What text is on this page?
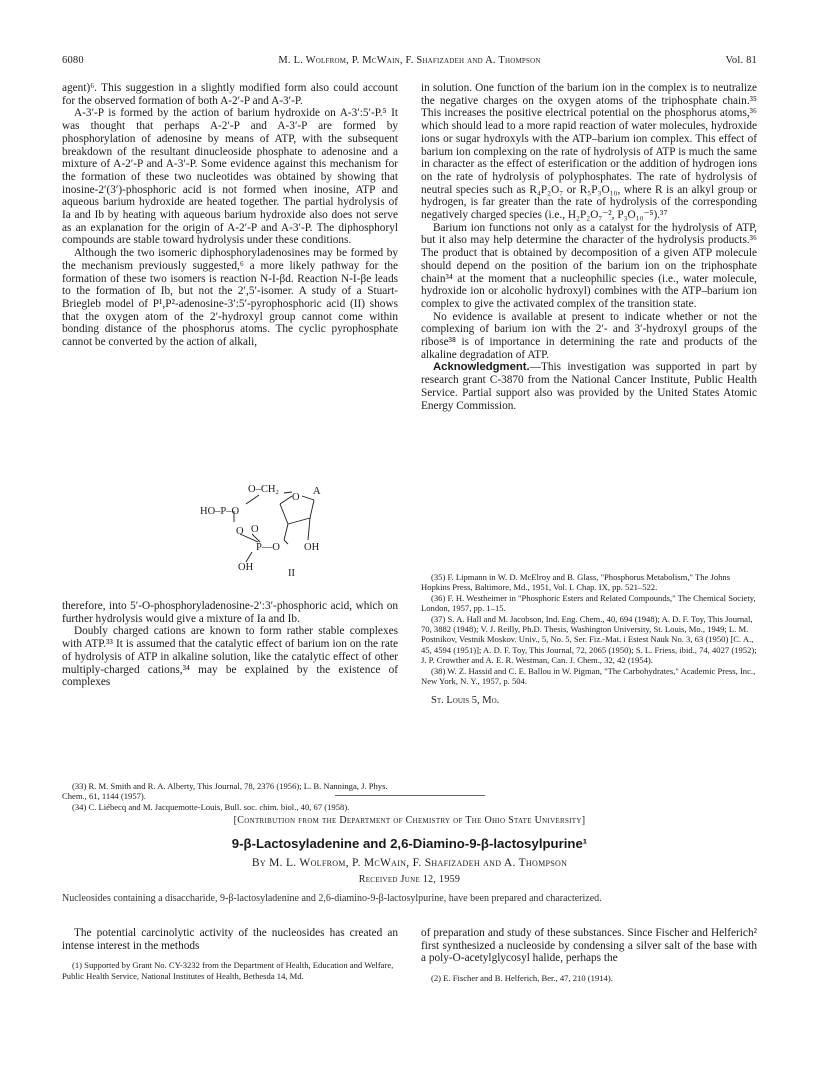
6080	M. L. Wolfrom, P. McWain, F. Shafizadeh and A. Thompson	Vol. 81

agent)⁶. This suggestion in a slightly modified form also could account for the observed formation of both A-2′-P and A-3′-P.

A-3′-P is formed by the action of barium hydroxide on A-3′:5′-P.⁵ It was thought that perhaps A-2′-P and A-3′-P are formed by phosphorylation of adenosine by means of ATP, with the subsequent breakdown of the resultant dinucleoside phosphate to adenosine and a mixture of A-2′-P and A-3′-P. Some evidence against this mechanism for the formation of these two nucleotides was obtained by showing that inosine-2′(3′)-phosphoric acid is not formed when inosine, ATP and aqueous barium hydroxide are heated together. The partial hydrolysis of Ia and Ib by heating with aqueous barium hydroxide also does not serve as an explanation for the origin of A-2′-P and A-3′-P. The diphosphoryl compounds are stable toward hydrolysis under these conditions.

Although the two isomeric diphosphoryladenosines may be formed by the mechanism previously suggested,⁶ a more likely pathway for the formation of these two isomers is reaction N-I-βd. Reaction N-I-βe leads to the formation of Ib, but not the 2′,5′-isomer. A study of a Stuart-Briegleb model of P¹,P²-adenosine-3′:5′-pyrophosphoric acid (II) shows that the oxygen atom of the 2′-hydroxyl group cannot come within bonding distance of the phosphorus atoms. The cyclic pyrophosphate cannot be converted by the action of alkali,

O–CH₂
O
A
HO–P–O
O O
P—O OH
OH
II

therefore, into 5′-O-phosphoryladenosine-2′:3′-phosphoric acid, which on further hydrolysis would give a mixture of Ia and Ib.

Doubly charged cations are known to form rather stable complexes with ATP.³³ It is assumed that the catalytic effect of barium ion on the rate of hydrolysis of ATP in alkaline solution, like the catalytic effect of other multiply-charged cations,³⁴ may be explained by the existence of complexes

(33) R. M. Smith and R. A. Alberty, This Journal, 78, 2376 (1956); L. B. Nanninga, J. Phys. Chem., 61, 1144 (1957).

(34) C. Liébecq and M. Jacquemotte-Louis, Bull. soc. chim. biol., 40, 67 (1958).

in solution. One function of the barium ion in the complex is to neutralize the negative charges on the oxygen atoms of the triphosphate chain.³⁵ This increases the positive electrical potential on the phosphorus atoms,³⁶ which should lead to a more rapid reaction of water molecules, hydroxide ions or sugar hydroxyls with the ATP–barium ion complex. This effect of barium ion complexing on the rate of hydrolysis of ATP is much the same in character as the effect of esterification or the addition of hydrogen ions on the rate of hydrolysis of polyphosphates. The rate of hydrolysis of neutral species such as R₄P₂O₇ or R₅P₃O₁₀, where R is an alkyl group or hydrogen, is far greater than the rate of hydrolysis of the corresponding negatively charged species (i.e., H₂P₂O₇⁻², P₃O₁₀⁻⁵).³⁷

Barium ion functions not only as a catalyst for the hydrolysis of ATP, but it also may help determine the character of the hydrolysis products.³⁶ The product that is obtained by decomposition of a given ATP molecule should depend on the position of the barium ion on the triphosphate chain³⁴ at the moment that a nucleophilic species (i.e., water molecule, hydroxide ion or alcoholic hydroxyl) combines with the ATP–barium ion complex to give the activated complex of the transition state.

No evidence is available at present to indicate whether or not the complexing of barium ion with the 2′- and 3′-hydroxyl groups of the ribose³⁸ is of importance in determining the rate and products of the alkaline degradation of ATP.

Acknowledgment.—This investigation was supported in part by research grant C-3870 from the National Cancer Institute, Public Health Service. Partial support also was provided by the United States Atomic Energy Commission.

(35) F. Lipmann in W. D. McElroy and B. Glass, "Phosphorus Metabolism," The Johns Hopkins Press, Baltimore, Md., 1951, Vol. I. Chap. IX, pp. 521–522.

(36) F. H. Westheimer in "Phosphoric Esters and Related Compounds," The Chemical Society, London, 1957, pp. 1–15.

(37) S. A. Hall and M. Jacobson, Ind. Eng. Chem., 40, 694 (1948); A. D. F. Toy, This Journal, 70, 3882 (1948); V. J. Reilly, Ph.D. Thesis, Washington University, St. Louis, Mo., 1949; L. M. Postnikov, Vestnik Moskov. Univ., 5, No. 5, Ser. Fiz.-Mat. i Estest Nauk No. 3, 63 (1950) [C. A., 45, 4594 (1951)]; A. D. F. Toy, This Journal, 72, 2065 (1950); S. L. Friess, ibid., 74, 4027 (1952); J. P. Crowther and A. E. R. Westman, Can. J. Chem., 32, 42 (1954).

(38) W. Z. Hassid and C. E. Ballou in W. Pigman, "The Carbohydrates," Academic Press, Inc., New York, N. Y., 1957, p. 504.

St. Louis 5, Mo.

[Contribution from the Department of Chemistry of The Ohio State University]
9-β-Lactosyladenine and 2,6-Diamino-9-β-lactosylpurine¹
By M. L. Wolfrom, P. McWain, F. Shafizadeh and A. Thompson
Received June 12, 1959
Nucleosides containing a disaccharide, 9-β-lactosyladenine and 2,6-diamino-9-β-lactosylpurine, have been prepared and characterized.

The potential carcinolytic activity of the nucleosides has created an intense interest in the methods

(1) Supported by Grant No. CY-3232 from the Department of Health, Education and Welfare, Public Health Service, National Institutes of Health, Bethesda 14, Md.

of preparation and study of these substances. Since Fischer and Helferich² first synthesized a nucleoside by condensing a silver salt of the base with a poly-O-acetylglycosyl halide, perhaps the

(2) E. Fischer and B. Helferich, Ber., 47, 210 (1914).
